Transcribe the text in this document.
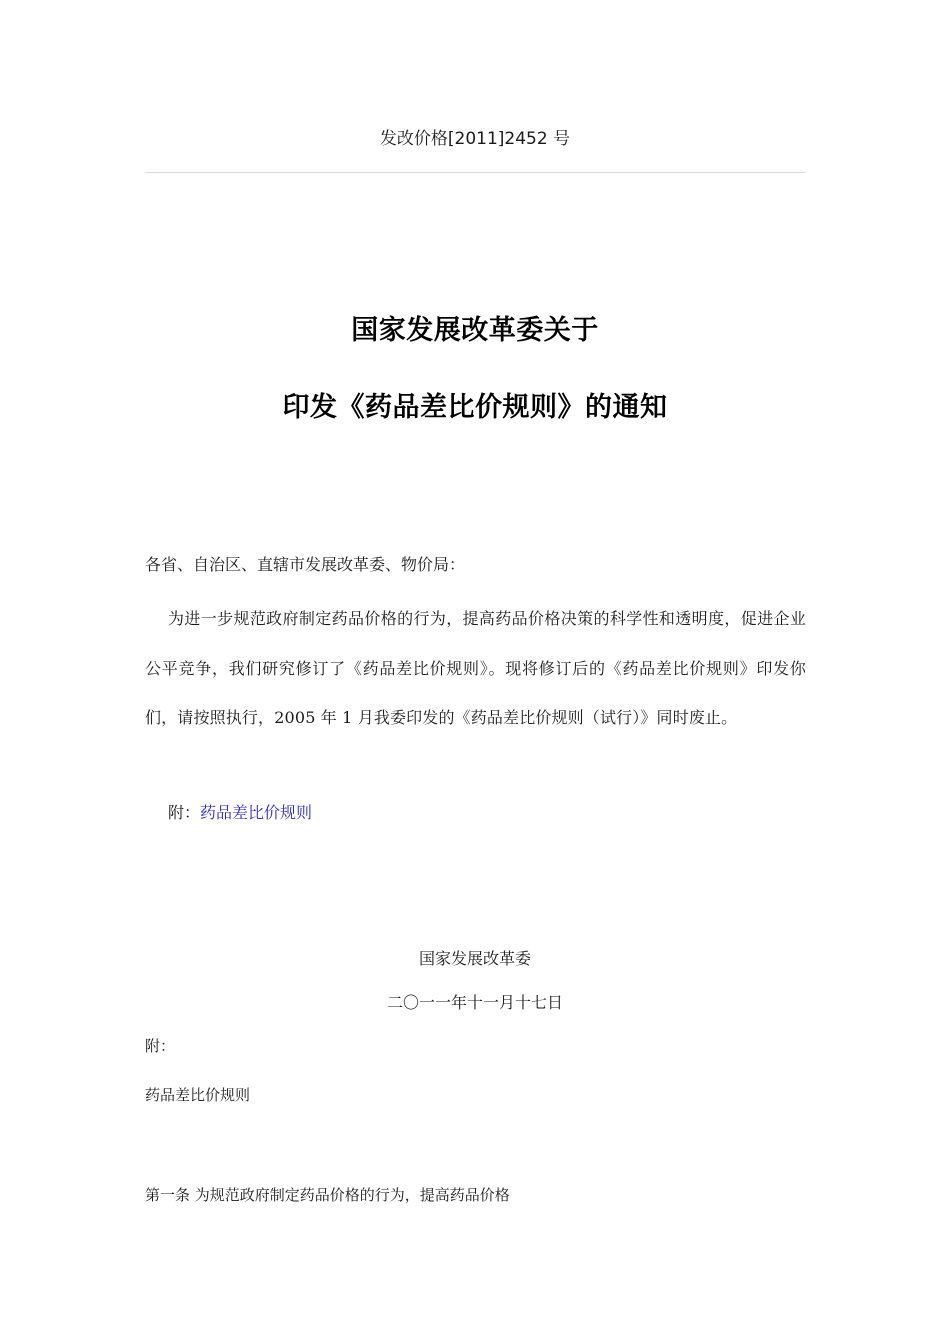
发改价格[2011]2452 号
国家发展改革委关于
印发《药品差比价规则》的通知
各省、自治区、直辖市发展改革委、物价局：
为进一步规范政府制定药品价格的行为，提高药品价格决策的科学性和透明度，促进企业公平竞争，我们研究修订了《药品差比价规则》。现将修订后的《药品差比价规则》印发你们，请按照执行，2005 年 1 月我委印发的《药品差比价规则（试行）》同时废止。
附：药品差比价规则
国家发展改革委
二〇一一年十一月十七日
附：
药品差比价规则
第一条 为规范政府制定药品价格的行为，提高药品价格
